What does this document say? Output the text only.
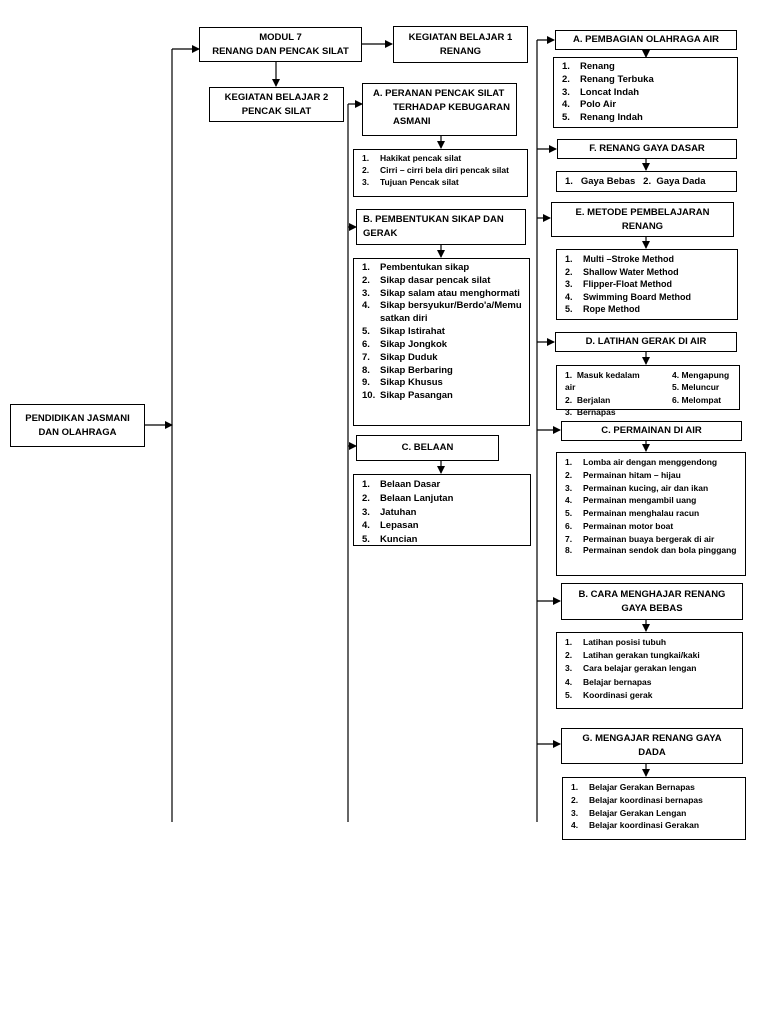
PENDIDIKAN JASMANI
DAN OLAHRAGA
MODUL 7
RENANG DAN PENCAK SILAT
KEGIATAN BELAJAR 1
RENANG
KEGIATAN BELAJAR 2
PENCAK SILAT
A. PERANAN PENCAK SILAT
TERHADAP KEBUGARAN
ASMANI
1. Hakikat pencak silat
2. Cirri – cirri bela diri pencak silat
3. Tujuan Pencak silat
B. PEMBENTUKAN SIKAP DAN
GERAK
1. Pembentukan sikap
2. Sikap dasar pencak silat
3. Sikap salam atau menghormati
4. Sikap bersyukur/Berdo'a/Memusatkan diri
5. Sikap Istirahat
6. Sikap Jongkok
7. Sikap Duduk
8. Sikap Berbaring
9. Sikap Khusus
10. Sikap Pasangan
C. BELAAN
1. Belaan Dasar
2. Belaan Lanjutan
3. Jatuhan
4. Lepasan
5. Kuncian
A. PEMBAGIAN OLAHRAGA AIR
1. Renang
2. Renang Terbuka
3. Loncat Indah
4. Polo Air
5. Renang Indah
F. RENANG GAYA DASAR
1.   Gaya Bebas 2.  Gaya Dada
E. METODE PEMBELAJARAN
RENANG
1. Multi –Stroke Method
2. Shallow Water Method
3. Flipper-Float Method
4. Swimming Board Method
5. Rope Method
D. LATIHAN GERAK DI AIR
1.  Masuk kedalam air
2.  Berjalan
3.  Bernapas
4. Mengapung
5. Meluncur
6. Melompat
C. PERMAINAN DI AIR
1. Lomba air dengan menggendong
2. Permainan hitam – hijau
3. Permainan kucing, air dan ikan
4. Permainan mengambil uang
5. Permainan menghalau racun
6. Permainan motor boat
7. Permainan buaya bergerak di air
8. Permainan sendok dan bola pinggang
B. CARA MENGHAJAR RENANG
GAYA BEBAS
1. Latihan posisi tubuh
2. Latihan gerakan tungkai/kaki
3. Cara belajar gerakan lengan
4. Belajar bernapas
5. Koordinasi gerak
G. MENGAJAR RENANG GAYA
DADA
1. Belajar Gerakan Bernapas
2. Belajar koordinasi bernapas
3. Belajar Gerakan Lengan
4. Belajar koordinasi Gerakan
